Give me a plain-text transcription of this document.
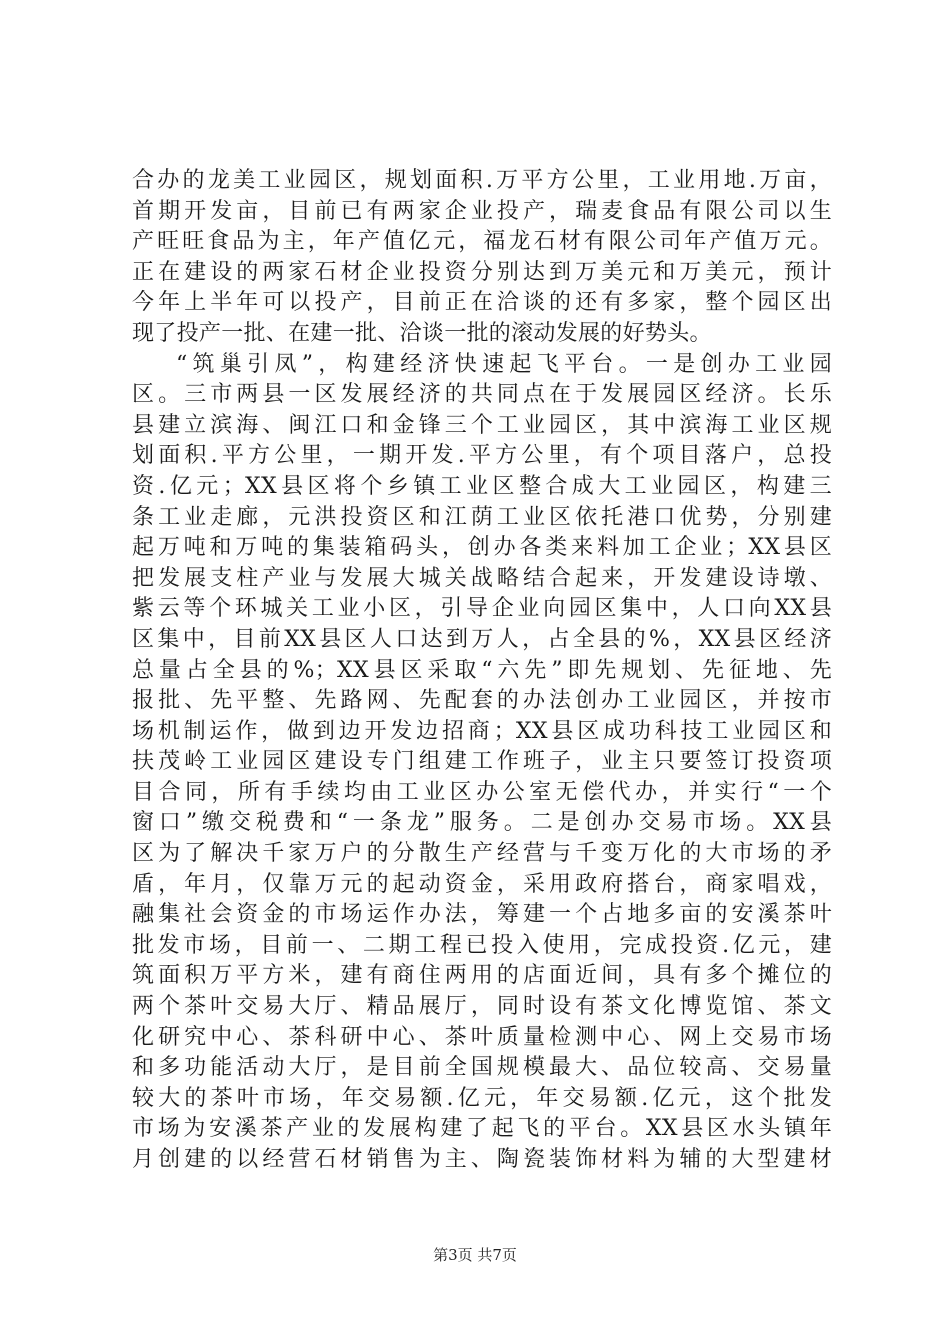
合办的龙美工业园区，规划面积.万平方公里，工业用地.万亩，
首期开发亩，目前已有两家企业投产，瑞麦食品有限公司以生
产旺旺食品为主，年产值亿元，福龙石材有限公司年产值万元。
正在建设的两家石材企业投资分别达到万美元和万美元，预计
今年上半年可以投产，目前正在洽谈的还有多家，整个园区出
现了投产一批、在建一批、洽谈一批的滚动发展的好势头。
“筑巢引凤”，构建经济快速起飞平台。一是创办工业园
区。三市两县一区发展经济的共同点在于发展园区经济。长乐
县建立滨海、闽江口和金锋三个工业园区，其中滨海工业区规
划面积.平方公里，一期开发.平方公里，有个项目落户，总投
资.亿元；XX县区将个乡镇工业区整合成大工业园区，构建三
条工业走廊，元洪投资区和江荫工业区依托港口优势，分别建
起万吨和万吨的集装箱码头，创办各类来料加工企业；XX县区
把发展支柱产业与发展大城关战略结合起来，开发建设诗墩、
紫云等个环城关工业小区，引导企业向园区集中，人口向XX县
区集中，目前XX县区人口达到万人，占全县的%，XX县区经济
总量占全县的%；XX县区采取“六先”即先规划、先征地、先
报批、先平整、先路网、先配套的办法创办工业园区，并按市
场机制运作，做到边开发边招商；XX县区成功科技工业园区和
扶茂岭工业园区建设专门组建工作班子，业主只要签订投资项
目合同，所有手续均由工业区办公室无偿代办，并实行“一个
窗口”缴交税费和“一条龙”服务。二是创办交易市场。XX县
区为了解决千家万户的分散生产经营与千变万化的大市场的矛
盾，年月，仅靠万元的起动资金，采用政府搭台，商家唱戏，
融集社会资金的市场运作办法，筹建一个占地多亩的安溪茶叶
批发市场，目前一、二期工程已投入使用，完成投资.亿元，建
筑面积万平方米，建有商住两用的店面近间，具有多个摊位的
两个茶叶交易大厅、精品展厅，同时设有茶文化博览馆、茶文
化研究中心、茶科研中心、茶叶质量检测中心、网上交易市场
和多功能活动大厅，是目前全国规模最大、品位较高、交易量
较大的茶叶市场，年交易额.亿元，年交易额.亿元，这个批发
市场为安溪茶产业的发展构建了起飞的平台。XX县区水头镇年
月创建的以经营石材销售为主、陶瓷装饰材料为辅的大型建材
第3页 共7页
